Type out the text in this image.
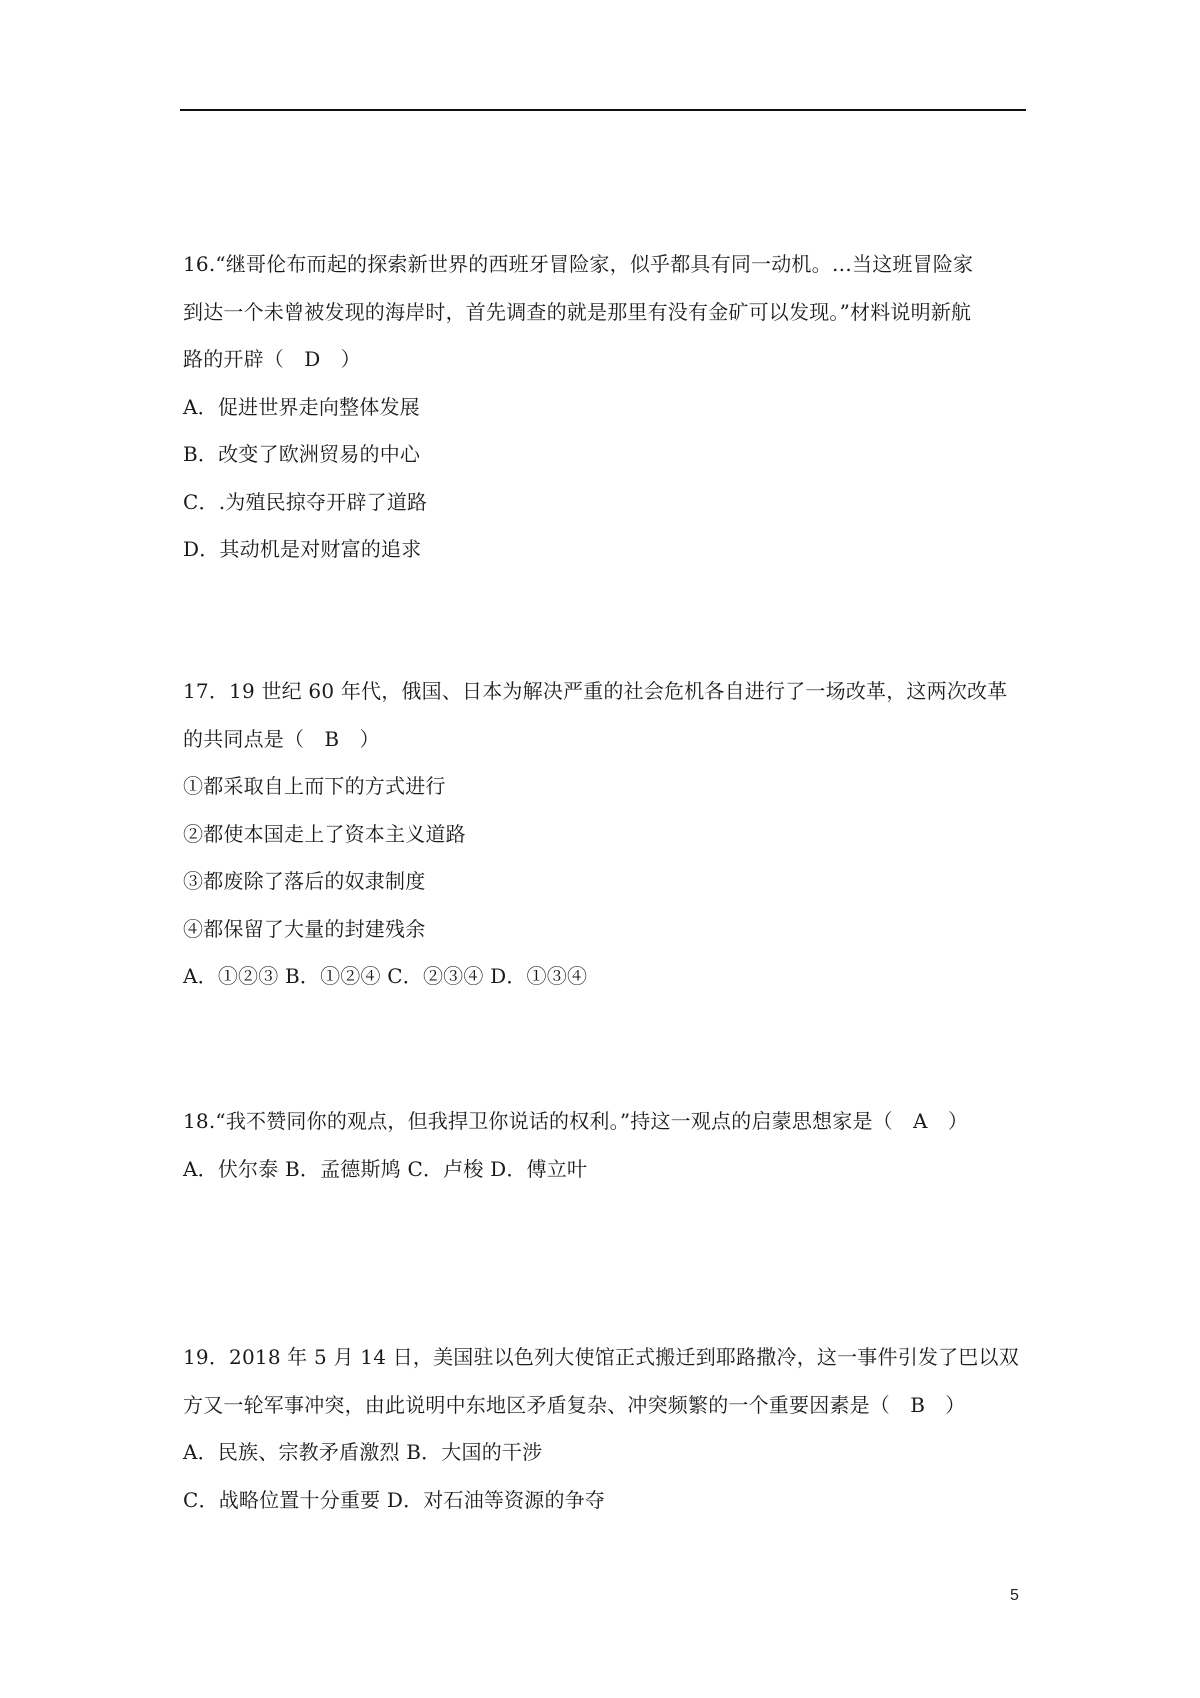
16.“继哥伦布而起的探索新世界的西班牙冒险家，似乎都具有同一动机。…当这班冒险家
到达一个未曾被发现的海岸时，首先调查的就是那里有没有金矿可以发现。”材料说明新航
路的开辟（　D　）
A．促进世界走向整体发展
B．改变了欧洲贸易的中心
C．.为殖民掠夺开辟了道路
D．其动机是对财富的追求
17．19 世纪 60 年代，俄国、日本为解决严重的社会危机各自进行了一场改革，这两次改革
的共同点是（　B　）
①都采取自上而下的方式进行
②都使本国走上了资本主义道路
③都废除了落后的奴隶制度
④都保留了大量的封建残余
A．①②③ B．①②④ C．②③④ D．①③④
18.“我不赞同你的观点，但我捍卫你说话的权利。”持这一观点的启蒙思想家是（　A　）
A．伏尔泰 B．孟德斯鸠 C．卢梭 D．傅立叶
19．2018 年 5 月 14 日，美国驻以色列大使馆正式搬迁到耶路撒冷，这一事件引发了巴以双
方又一轮军事冲突，由此说明中东地区矛盾复杂、冲突频繁的一个重要因素是（　B　）
A．民族、宗教矛盾激烈 B．大国的干涉
C．战略位置十分重要 D．对石油等资源的争夺
5
